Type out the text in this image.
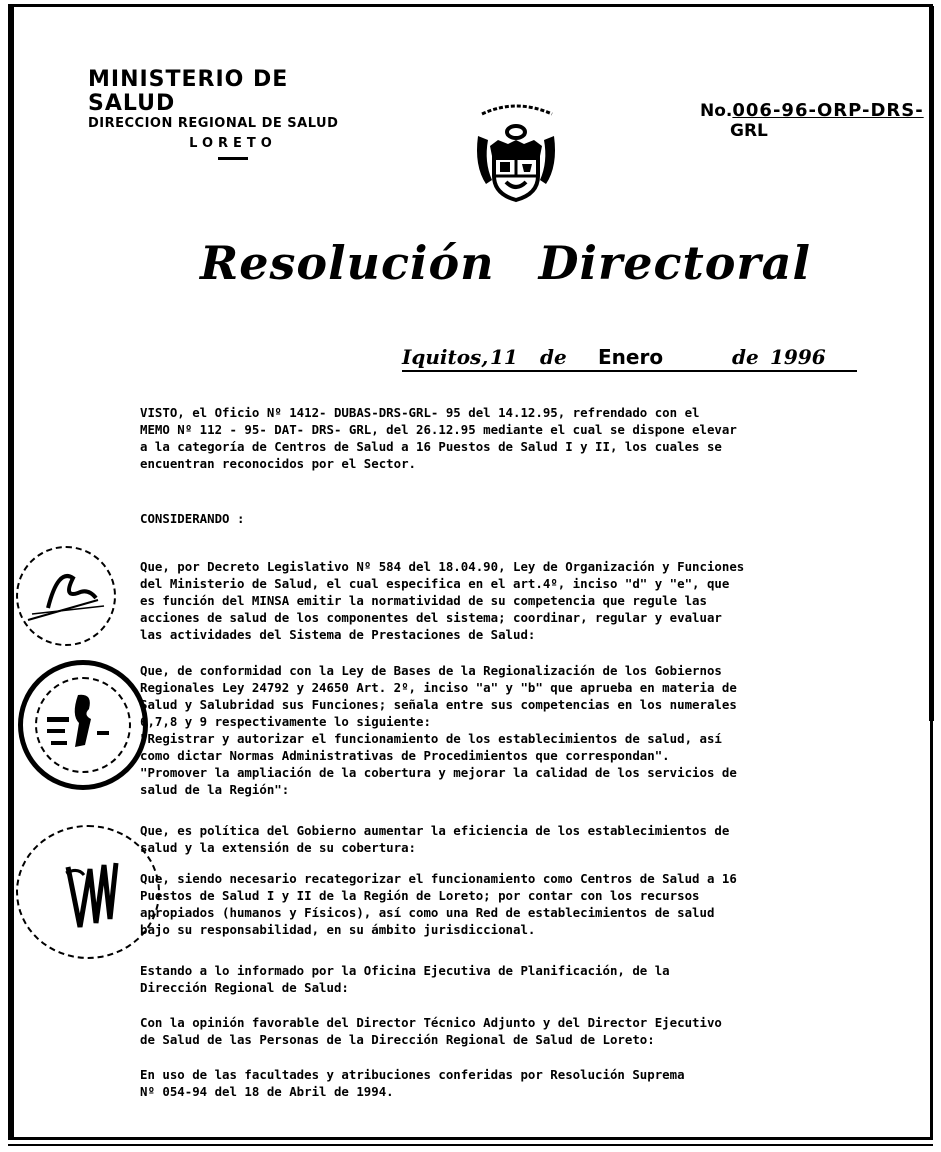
MINISTERIO DE SALUD
DIRECCION REGIONAL DE SALUD
LORETO
No.006-96-ORP-DRS-
GRL
Resolución Directoral
Iquitos, 11 de Enero	de 1996
VISTO, el Oficio Nº 1412- DUBAS-DRS-GRL- 95 del 14.12.95, refrendado con el
MEMO Nº 112 - 95- DAT- DRS- GRL, del 26.12.95 mediante el cual se dispone elevar
a la categoría de Centros de Salud a 16 Puestos de Salud I y II, los cuales se
encuentran reconocidos por el Sector.
CONSIDERANDO :
Que, por Decreto Legislativo Nº 584 del 18.04.90, Ley de Organización y Funciones
del Ministerio de Salud, el cual especifica en el art.4º, inciso "d" y "e", que
es función del MINSA emitir la normatividad de su competencia que regule las
acciones de salud de los componentes del sistema; coordinar, regular y evaluar
las actividades del Sistema de Prestaciones de Salud:
Que, de conformidad con la Ley de Bases de la Regionalización de los Gobiernos
Regionales Ley 24792 y 24650 Art. 2º, inciso "a" y "b" que aprueba en materia de
Salud y Salubridad sus Funciones; señala entre sus competencias en los numerales
6,7,8 y 9 respectivamente lo siguiente:
"Registrar y autorizar el funcionamiento de los establecimientos de salud, así
como dictar Normas Administrativas de Procedimientos que correspondan".
"Promover la ampliación de la cobertura y mejorar la calidad de los servicios de
salud de la Región":
Que, es política del Gobierno aumentar la eficiencia de los establecimientos de
salud y la extensión de su cobertura:
Que, siendo necesario recategorizar el funcionamiento como Centros de Salud a 16
Puestos de Salud I y II de la Región de Loreto; por contar con los recursos
apropiados (humanos y Físicos), así como una Red de establecimientos de salud
bajo su responsabilidad, en su ámbito jurisdiccional.
Estando a lo informado por la Oficina Ejecutiva de Planificación, de la
Dirección Regional de Salud:
Con la opinión favorable del Director Técnico Adjunto y del Director Ejecutivo
de Salud de las Personas de la Dirección Regional de Salud de Loreto:
En uso de las facultades y atribuciones conferidas por Resolución Suprema
Nº 054-94 del 18 de Abril de 1994.
